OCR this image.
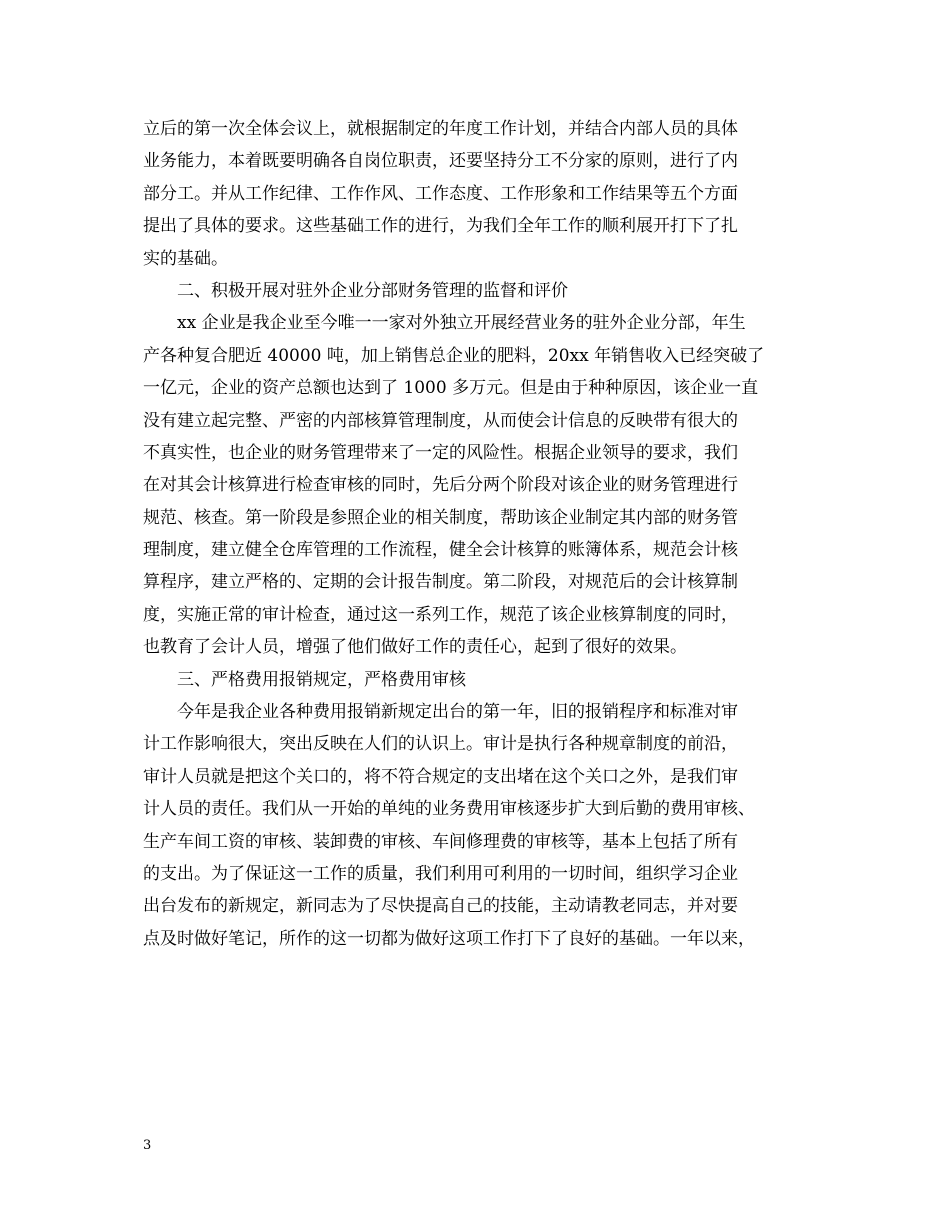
立后的第一次全体会议上，就根据制定的年度工作计划，并结合内部人员的具体
业务能力，本着既要明确各自岗位职责，还要坚持分工不分家的原则，进行了内
部分工。并从工作纪律、工作作风、工作态度、工作形象和工作结果等五个方面
提出了具体的要求。这些基础工作的进行，为我们全年工作的顺利展开打下了扎
实的基础。
二、积极开展对驻外企业分部财务管理的监督和评价
xx 企业是我企业至今唯一一家对外独立开展经营业务的驻外企业分部，年生
产各种复合肥近 40000 吨，加上销售总企业的肥料，20xx 年销售收入已经突破了
一亿元，企业的资产总额也达到了 1000 多万元。但是由于种种原因，该企业一直
没有建立起完整、严密的内部核算管理制度，从而使会计信息的反映带有很大的
不真实性，也企业的财务管理带来了一定的风险性。根据企业领导的要求，我们
在对其会计核算进行检查审核的同时，先后分两个阶段对该企业的财务管理进行
规范、核查。第一阶段是参照企业的相关制度，帮助该企业制定其内部的财务管
理制度，建立健全仓库管理的工作流程，健全会计核算的账簿体系，规范会计核
算程序，建立严格的、定期的会计报告制度。第二阶段，对规范后的会计核算制
度，实施正常的审计检查，通过这一系列工作，规范了该企业核算制度的同时，
也教育了会计人员，增强了他们做好工作的责任心，起到了很好的效果。
三、严格费用报销规定，严格费用审核
今年是我企业各种费用报销新规定出台的第一年，旧的报销程序和标准对审
计工作影响很大，突出反映在人们的认识上。审计是执行各种规章制度的前沿，
审计人员就是把这个关口的，将不符合规定的支出堵在这个关口之外，是我们审
计人员的责任。我们从一开始的单纯的业务费用审核逐步扩大到后勤的费用审核、
生产车间工资的审核、装卸费的审核、车间修理费的审核等，基本上包括了所有
的支出。为了保证这一工作的质量，我们利用可利用的一切时间，组织学习企业
出台发布的新规定，新同志为了尽快提高自己的技能，主动请教老同志，并对要
点及时做好笔记，所作的这一切都为做好这项工作打下了良好的基础。一年以来，
3
